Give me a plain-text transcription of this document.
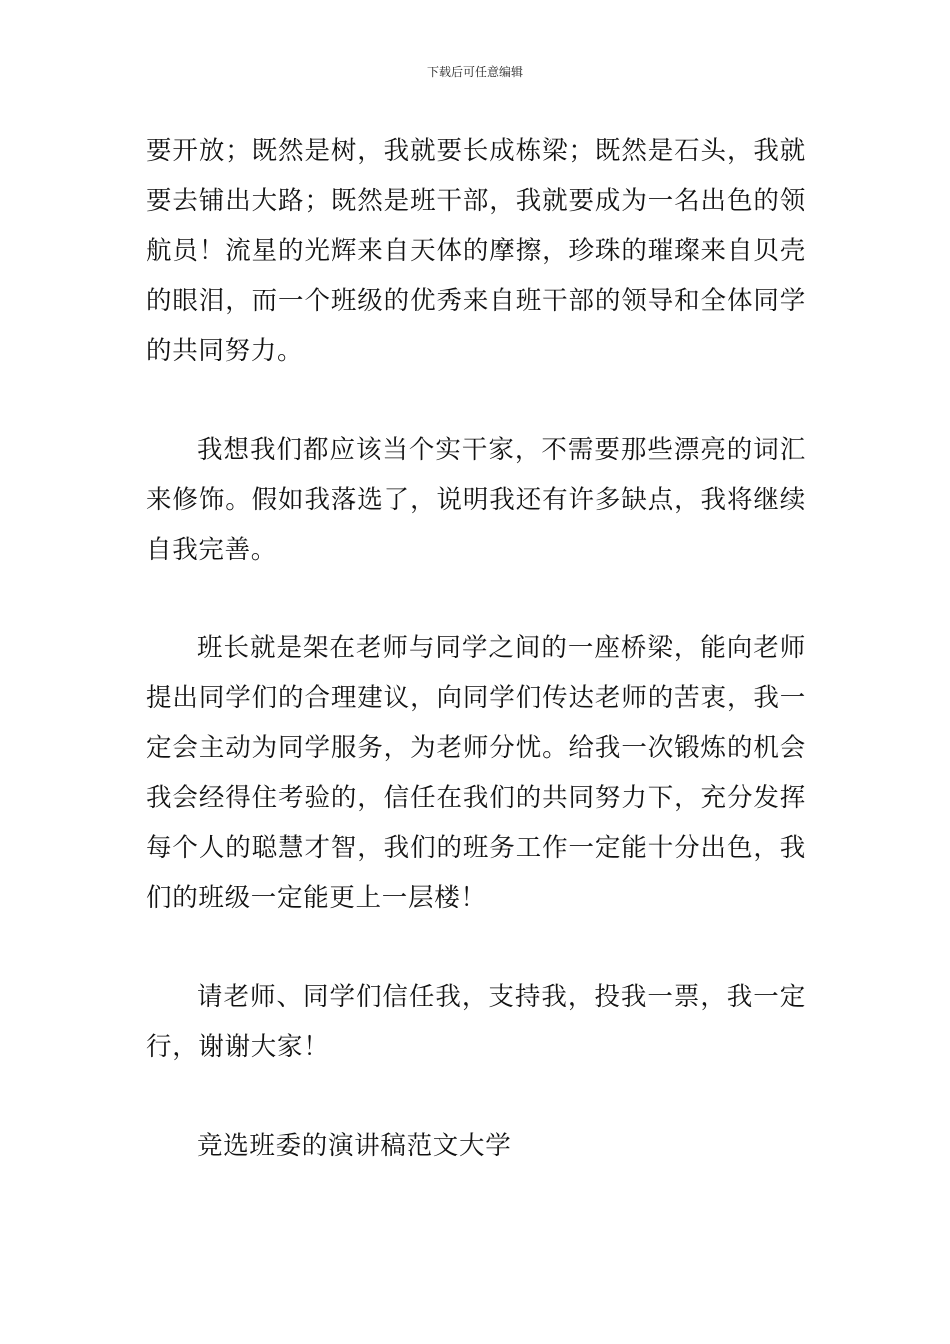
下载后可任意编辑

要开放；既然是树，我就要长成栋梁；既然是石头，我就要去铺出大路；既然是班干部，我就要成为一名出色的领航员！流星的光辉来自天体的摩擦，珍珠的璀璨来自贝壳的眼泪，而一个班级的优秀来自班干部的领导和全体同学的共同努力。

我想我们都应该当个实干家，不需要那些漂亮的词汇来修饰。假如我落选了，说明我还有许多缺点，我将继续自我完善。

班长就是架在老师与同学之间的一座桥梁，能向老师提出同学们的合理建议，向同学们传达老师的苦衷，我一定会主动为同学服务，为老师分忧。给我一次锻炼的机会我会经得住考验的，信任在我们的共同努力下，充分发挥每个人的聪慧才智，我们的班务工作一定能十分出色，我们的班级一定能更上一层楼！

请老师、同学们信任我，支持我，投我一票，我一定行，谢谢大家！

竞选班委的演讲稿范文大学
